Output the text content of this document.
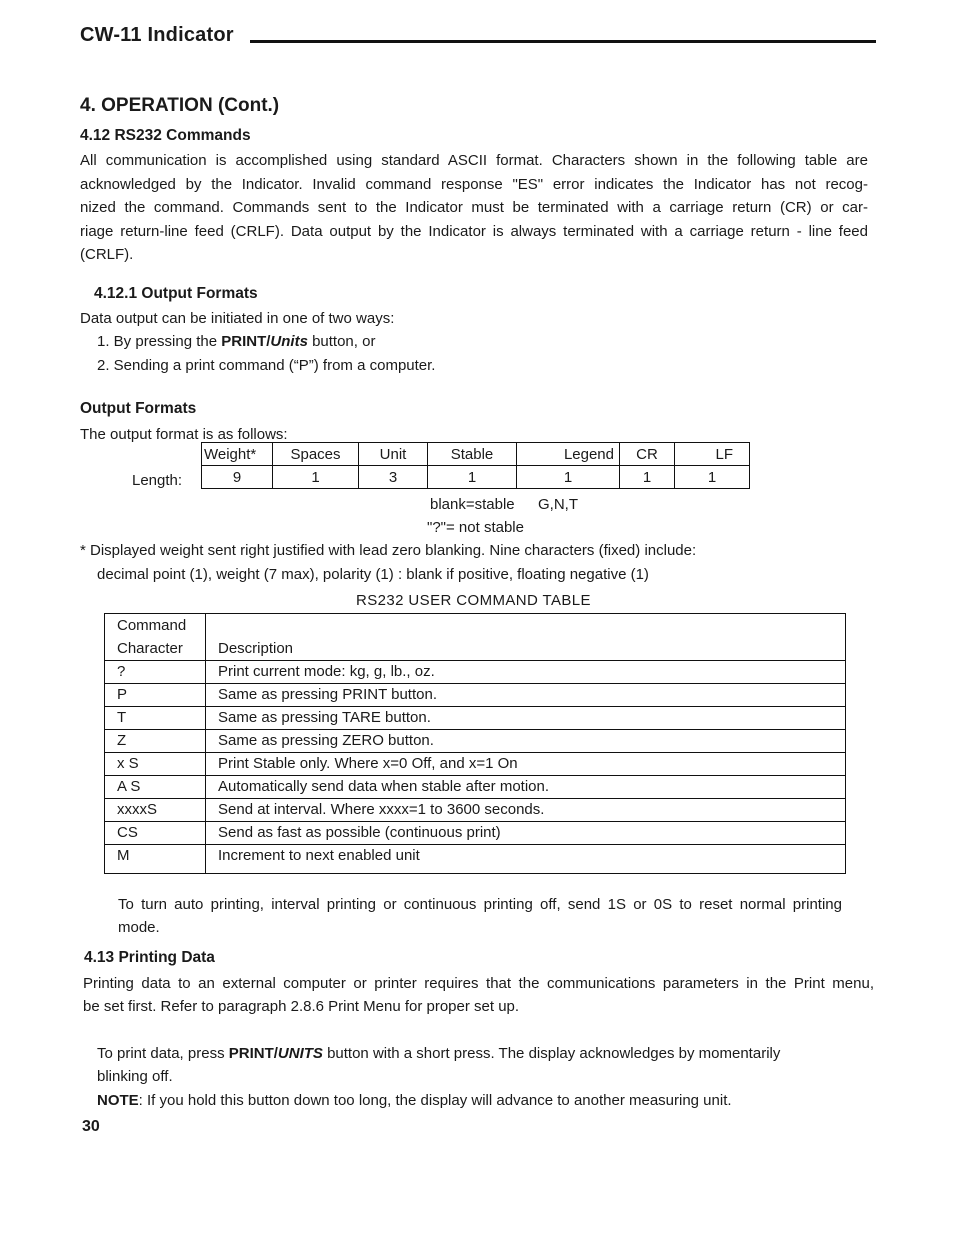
CW-11 Indicator
4. OPERATION (Cont.)
4.12 RS232 Commands
All communication is accomplished using standard ASCII format. Characters shown in the following table are
acknowledged by the Indicator. Invalid command response "ES" error indicates the Indicator has not recog-
nized the command. Commands sent to the Indicator must be terminated with a carriage return (CR) or car-
riage return-line feed (CRLF). Data output by the Indicator is always terminated with a carriage return - line feed
(CRLF).
4.12.1 Output Formats
Data output can be initiated in one of two ways:
1. By pressing the PRINT/Units button, or
2. Sending a print command (“P”) from a computer.
Output Formats
The output format is as follows:
Length:
Weight*	Spaces	Unit	Stable	Legend	CR	LF
9	1	3	1	1	1	1
blank=stable G,N,T
"?"= not stable
* Displayed weight sent right justified with lead zero blanking. Nine characters (fixed) include:
decimal point (1), weight (7 max), polarity (1) : blank if positive, floating negative (1)
RS232 USER COMMAND TABLE
Command
Character	Description
?	Print current mode: kg, g, lb., oz.
P	Same as pressing PRINT button.
T	Same as pressing TARE button.
Z	Same as pressing ZERO button.
x S	Print Stable only. Where x=0 Off, and x=1 On
A S	Automatically send data when stable after motion.
xxxxS	Send at interval. Where xxxx=1 to 3600 seconds.
CS	Send as fast as possible (continuous print)
M	Increment to next enabled unit
To turn auto printing, interval printing or continuous printing off, send 1S or 0S to reset normal printing
mode.
4.13 Printing Data
Printing data to an external computer or printer requires that the communications parameters in the Print menu,
be set first. Refer to paragraph 2.8.6 Print Menu for proper set up.
To print data, press PRINT/UNITS button with a short press. The display acknowledges by momentarily
blinking off.
NOTE: If you hold this button down too long, the display will advance to another measuring unit.
30
